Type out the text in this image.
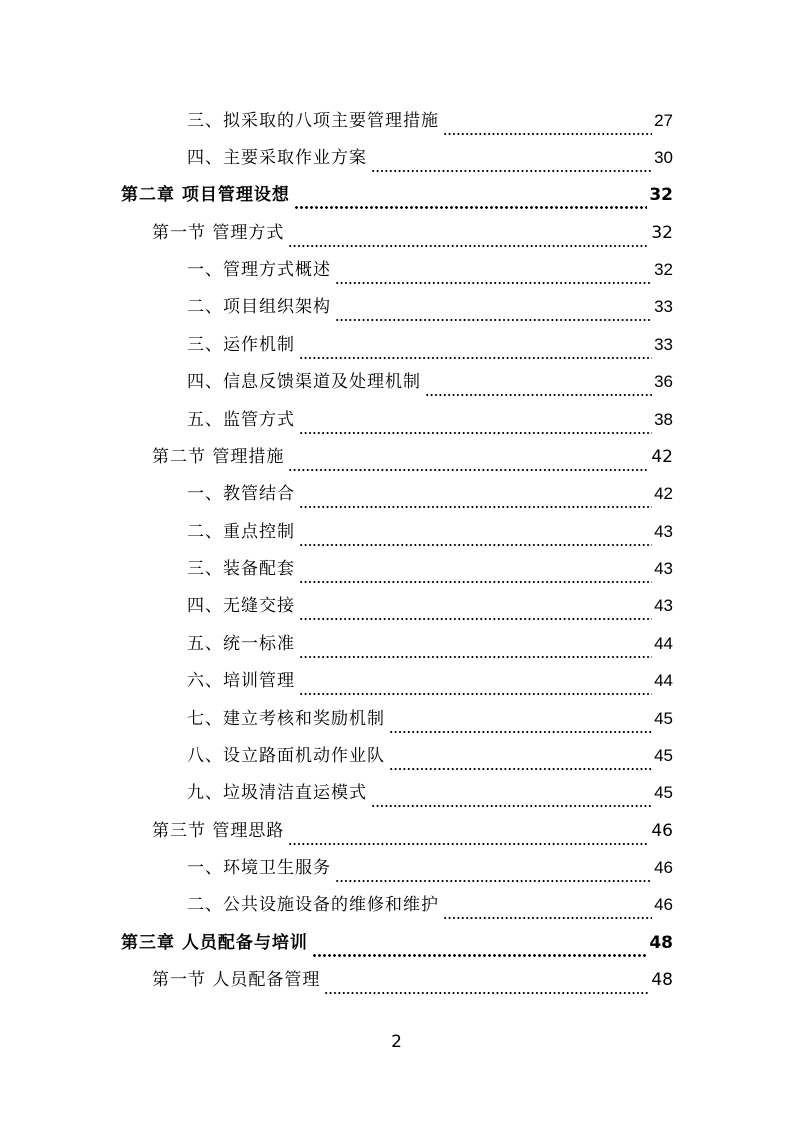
三、拟采取的八项主要管理措施	27
四、主要采取作业方案	30
第二章 项目管理设想	32
第一节 管理方式	32
一、管理方式概述	32
二、项目组织架构	33
三、运作机制	33
四、信息反馈渠道及处理机制	36
五、监管方式	38
第二节 管理措施	42
一、教管结合	42
二、重点控制	43
三、装备配套	43
四、无缝交接	43
五、统一标准	44
六、培训管理	44
七、建立考核和奖励机制	45
八、设立路面机动作业队	45
九、垃圾清洁直运模式	45
第三节 管理思路	46
一、环境卫生服务	46
二、公共设施设备的维修和维护	46
第三章 人员配备与培训	48
第一节 人员配备管理	48
2
